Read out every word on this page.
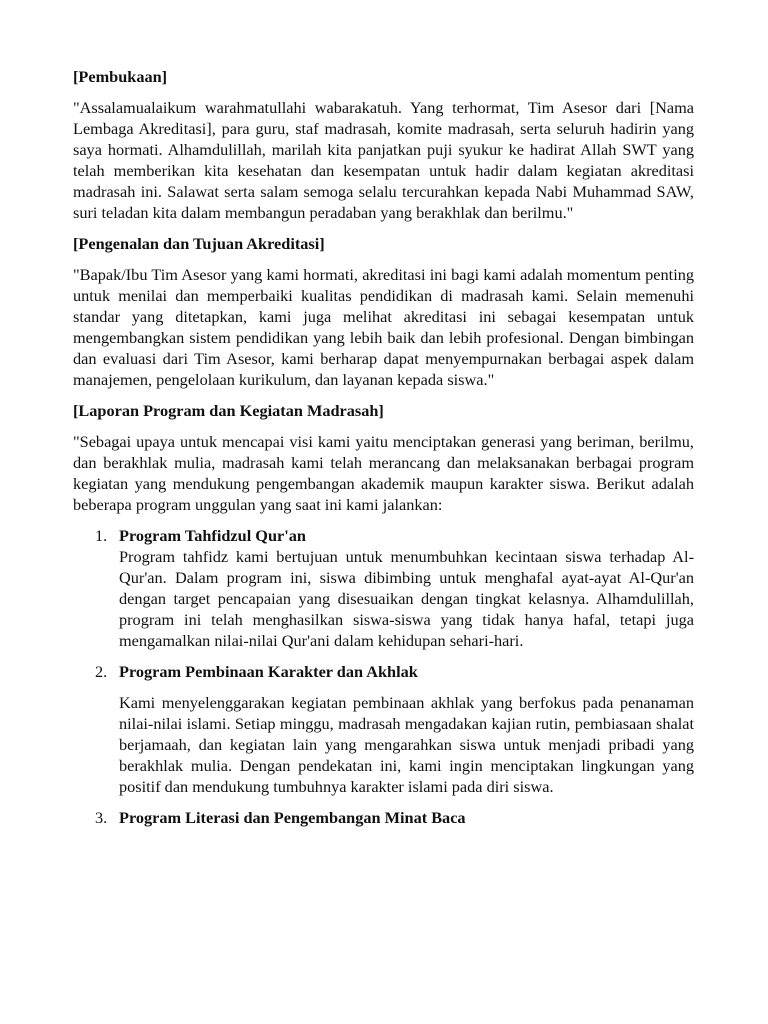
[Pembukaan]

"Assalamualaikum warahmatullahi wabarakatuh. Yang terhormat, Tim Asesor dari [Nama Lembaga Akreditasi], para guru, staf madrasah, komite madrasah, serta seluruh hadirin yang saya hormati. Alhamdulillah, marilah kita panjatkan puji syukur ke hadirat Allah SWT yang telah memberikan kita kesehatan dan kesempatan untuk hadir dalam kegiatan akreditasi madrasah ini. Salawat serta salam semoga selalu tercurahkan kepada Nabi Muhammad SAW, suri teladan kita dalam membangun peradaban yang berakhlak dan berilmu."

[Pengenalan dan Tujuan Akreditasi]

"Bapak/Ibu Tim Asesor yang kami hormati, akreditasi ini bagi kami adalah momentum penting untuk menilai dan memperbaiki kualitas pendidikan di madrasah kami. Selain memenuhi standar yang ditetapkan, kami juga melihat akreditasi ini sebagai kesempatan untuk mengembangkan sistem pendidikan yang lebih baik dan lebih profesional. Dengan bimbingan dan evaluasi dari Tim Asesor, kami berharap dapat menyempurnakan berbagai aspek dalam manajemen, pengelolaan kurikulum, dan layanan kepada siswa."

[Laporan Program dan Kegiatan Madrasah]

"Sebagai upaya untuk mencapai visi kami yaitu menciptakan generasi yang beriman, berilmu, dan berakhlak mulia, madrasah kami telah merancang dan melaksanakan berbagai program kegiatan yang mendukung pengembangan akademik maupun karakter siswa. Berikut adalah beberapa program unggulan yang saat ini kami jalankan:

1. Program Tahfidzul Qur'an

Program tahfidz kami bertujuan untuk menumbuhkan kecintaan siswa terhadap Al-Qur'an. Dalam program ini, siswa dibimbing untuk menghafal ayat-ayat Al-Qur'an dengan target pencapaian yang disesuaikan dengan tingkat kelasnya. Alhamdulillah, program ini telah menghasilkan siswa-siswa yang tidak hanya hafal, tetapi juga mengamalkan nilai-nilai Qur'ani dalam kehidupan sehari-hari.

2. Program Pembinaan Karakter dan Akhlak

Kami menyelenggarakan kegiatan pembinaan akhlak yang berfokus pada penanaman nilai-nilai islami. Setiap minggu, madrasah mengadakan kajian rutin, pembiasaan shalat berjamaah, dan kegiatan lain yang mengarahkan siswa untuk menjadi pribadi yang berakhlak mulia. Dengan pendekatan ini, kami ingin menciptakan lingkungan yang positif dan mendukung tumbuhnya karakter islami pada diri siswa.

3. Program Literasi dan Pengembangan Minat Baca
